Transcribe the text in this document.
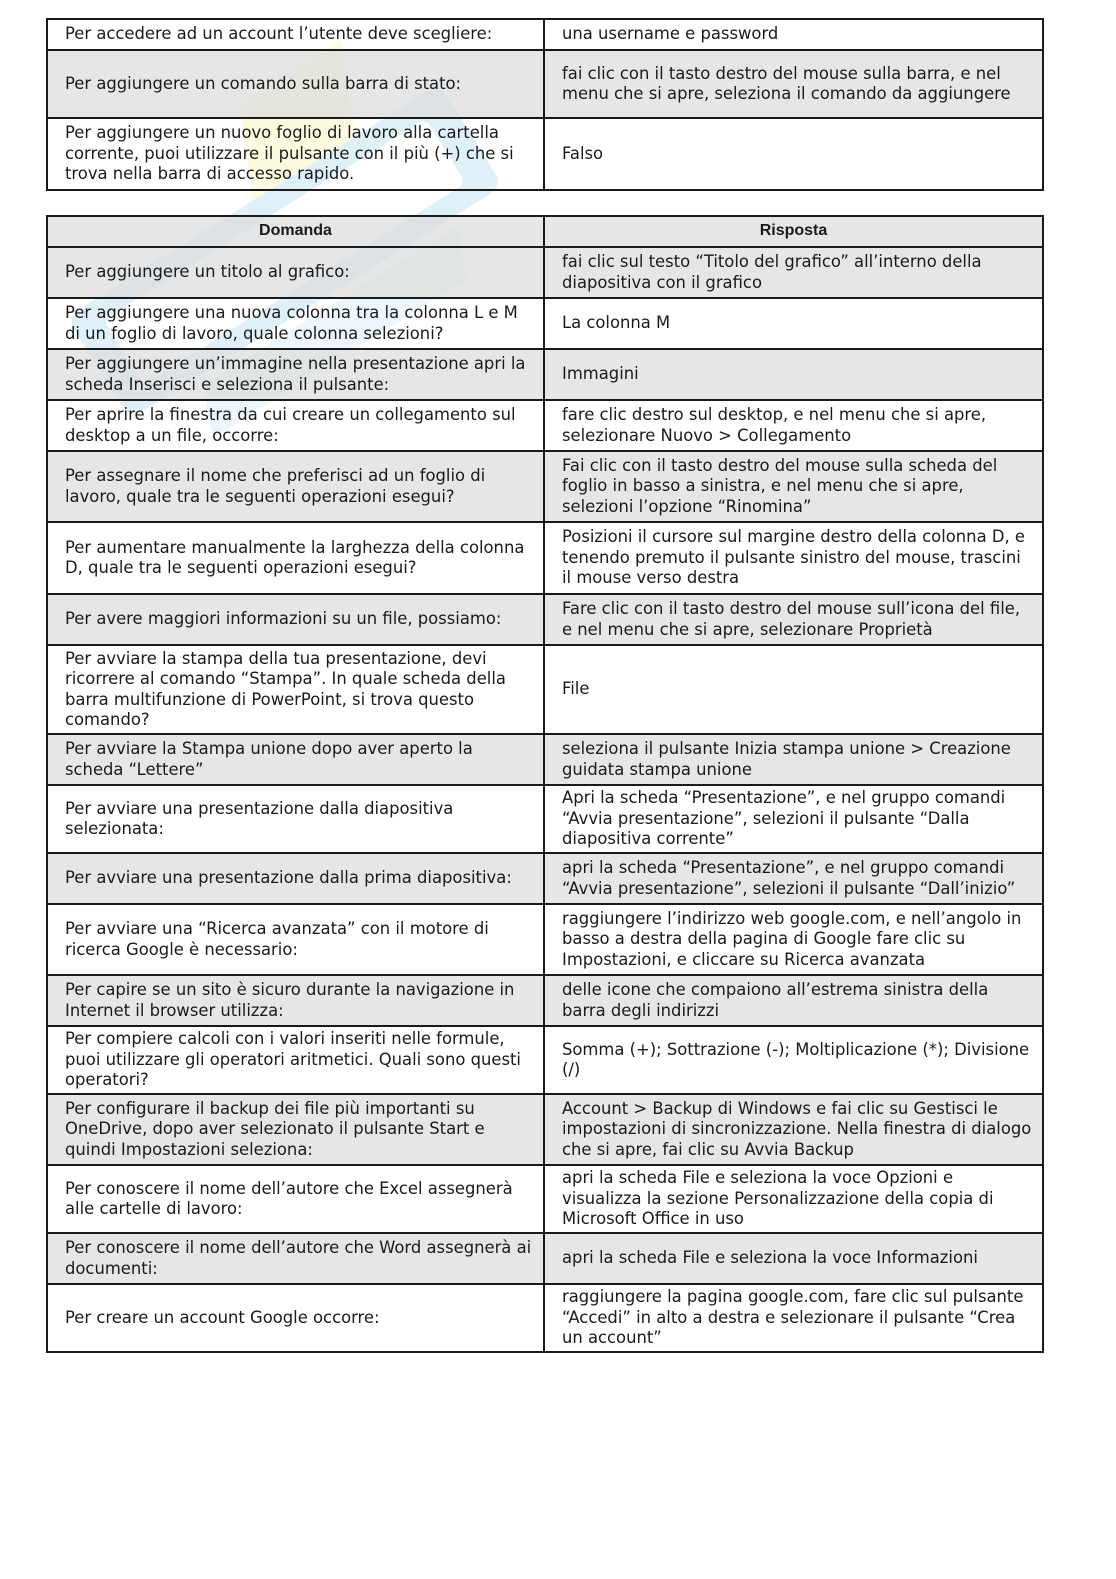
Per accedere ad un account l’utente deve scegliere:	una username e password
Per aggiungere un comando sulla barra di stato:	fai clic con il tasto destro del mouse sulla barra, e nel menu che si apre, seleziona il comando da aggiungere
Per aggiungere un nuovo foglio di lavoro alla cartella corrente, puoi utilizzare il pulsante con il più (+) che si trova nella barra di accesso rapido.	Falso
Domanda	Risposta
Per aggiungere un titolo al grafico:	fai clic sul testo “Titolo del grafico” all’interno della diapositiva con il grafico
Per aggiungere una nuova colonna tra la colonna L e M di un foglio di lavoro, quale colonna selezioni?	La colonna M
Per aggiungere un’immagine nella presentazione apri la scheda Inserisci e seleziona il pulsante:	Immagini
Per aprire la finestra da cui creare un collegamento sul desktop a un file, occorre:	fare clic destro sul desktop, e nel menu che si apre, selezionare Nuovo > Collegamento
Per assegnare il nome che preferisci ad un foglio di lavoro, quale tra le seguenti operazioni esegui?	Fai clic con il tasto destro del mouse sulla scheda del foglio in basso a sinistra, e nel menu che si apre, selezioni l’opzione “Rinomina”
Per aumentare manualmente la larghezza della colonna D, quale tra le seguenti operazioni esegui?	Posizioni il cursore sul margine destro della colonna D, e tenendo premuto il pulsante sinistro del mouse, trascini il mouse verso destra
Per avere maggiori informazioni su un file, possiamo:	Fare clic con il tasto destro del mouse sull’icona del file, e nel menu che si apre, selezionare Proprietà
Per avviare la stampa della tua presentazione, devi ricorrere al comando “Stampa”. In quale scheda della barra multifunzione di PowerPoint, si trova questo comando?	File
Per avviare la Stampa unione dopo aver aperto la scheda “Lettere”	seleziona il pulsante Inizia stampa unione > Creazione guidata stampa unione
Per avviare una presentazione dalla diapositiva selezionata:	Apri la scheda “Presentazione”, e nel gruppo comandi “Avvia presentazione”, selezioni il pulsante “Dalla diapositiva corrente”
Per avviare una presentazione dalla prima diapositiva:	apri la scheda “Presentazione”, e nel gruppo comandi “Avvia presentazione”, selezioni il pulsante “Dall’inizio”
Per avviare una “Ricerca avanzata” con il motore di ricerca Google è necessario:	raggiungere l’indirizzo web google.com, e nell’angolo in basso a destra della pagina di Google fare clic su Impostazioni, e cliccare su Ricerca avanzata
Per capire se un sito è sicuro durante la navigazione in Internet il browser utilizza:	delle icone che compaiono all’estrema sinistra della barra degli indirizzi
Per compiere calcoli con i valori inseriti nelle formule, puoi utilizzare gli operatori aritmetici. Quali sono questi operatori?	Somma (+); Sottrazione (-); Moltiplicazione (*); Divisione (/)
Per configurare il backup dei file più importanti su OneDrive, dopo aver selezionato il pulsante Start e quindi Impostazioni seleziona:	Account > Backup di Windows e fai clic su Gestisci le impostazioni di sincronizzazione. Nella finestra di dialogo che si apre, fai clic su Avvia Backup
Per conoscere il nome dell’autore che Excel assegnerà alle cartelle di lavoro:	apri la scheda File e seleziona la voce Opzioni e visualizza la sezione Personalizzazione della copia di Microsoft Office in uso
Per conoscere il nome dell’autore che Word assegnerà ai documenti:	apri la scheda File e seleziona la voce Informazioni
Per creare un account Google occorre:	raggiungere la pagina google.com, fare clic sul pulsante “Accedi” in alto a destra e selezionare il pulsante “Crea un account”
